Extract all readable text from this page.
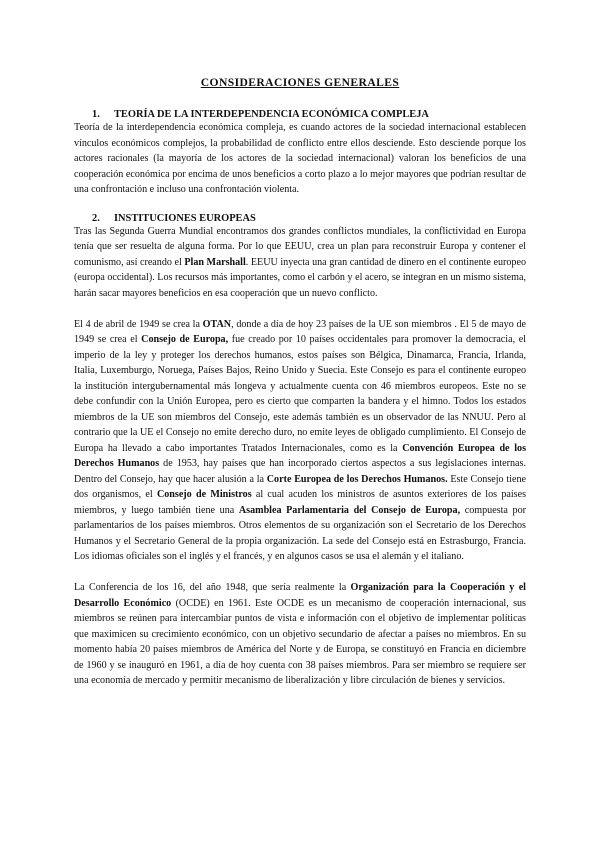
CONSIDERACIONES GENERALES
1. TEORÍA DE LA INTERDEPENDENCIA ECONÓMICA COMPLEJA

Teoría de la interdependencia económica compleja, es cuando actores de la sociedad internacional establecen vínculos económicos complejos, la probabilidad de conflicto entre ellos desciende. Esto desciende porque los actores racionales (la mayoría de los actores de la sociedad internacional) valoran los beneficios de una cooperación económica por encima de unos beneficios a corto plazo a lo mejor mayores que podrían resultar de una confrontación e incluso una confrontación violenta.

2. INSTITUCIONES EUROPEAS

Tras las Segunda Guerra Mundial encontramos dos grandes conflictos mundiales, la conflictividad en Europa tenía que ser resuelta de alguna forma. Por lo que EEUU, crea un plan para reconstruir Europa y contener el comunismo, así creando el Plan Marshall. EEUU inyecta una gran cantidad de dinero en el continente europeo (europa occidental). Los recursos más importantes, como el carbón y el acero, se integran en un mismo sistema, harán sacar mayores beneficios en esa cooperación que un nuevo conflicto.

El 4 de abril de 1949 se crea la OTAN, donde a día de hoy 23 países de la UE son miembros . El 5 de mayo de 1949 se crea el Consejo de Europa, fue creado por 10 países occidentales para promover la democracia, el imperio de la ley y proteger los derechos humanos, estos países son Bélgica, Dinamarca, Francia, Irlanda, Italia, Luxemburgo, Noruega, Países Bajos, Reino Unido y Suecia. Este Consejo es para el continente europeo la institución intergubernamental más longeva y actualmente cuenta con 46 miembros europeos. Este no se debe confundir con la Unión Europea, pero es cierto que comparten la bandera y el himno. Todos los estados miembros de la UE son miembros del Consejo, este además también es un observador de las NNUU. Pero al contrario que la UE el Consejo no emite derecho duro, no emite leyes de obligado cumplimiento. El Consejo de Europa ha llevado a cabo importantes Tratados Internacionales, como es la Convención Europea de los Derechos Humanos de 1953, hay países que han incorporado ciertos aspectos a sus legislaciones internas. Dentro del Consejo, hay que hacer alusión a la Corte Europea de los Derechos Humanos. Este Consejo tiene dos organismos, el Consejo de Ministros al cual acuden los ministros de asuntos exteriores de los países miembros, y luego también tiene una Asamblea Parlamentaria del Consejo de Europa, compuesta por parlamentarios de los países miembros. Otros elementos de su organización son el Secretario de los Derechos Humanos y el Secretario General de la propia organización. La sede del Consejo está en Estrasburgo, Francia. Los idiomas oficiales son el inglés y el francés, y en algunos casos se usa el alemán y el italiano.

La Conferencia de los 16, del año 1948, que sería realmente la Organización para la Cooperación y el Desarrollo Económico (OCDE) en 1961. Este OCDE es un mecanismo de cooperación internacional, sus miembros se reúnen para intercambiar puntos de vista e información con el objetivo de implementar políticas que maximicen su crecimiento económico, con un objetivo secundario de afectar a países no miembros. En su momento había 20 países miembros de América del Norte y de Europa, se constituyó en Francia en diciembre de 1960 y se inauguró en 1961, a día de hoy cuenta con 38 países miembros. Para ser miembro se requiere ser una economía de mercado y permitir mecanismo de liberalización y libre circulación de bienes y servicios.
